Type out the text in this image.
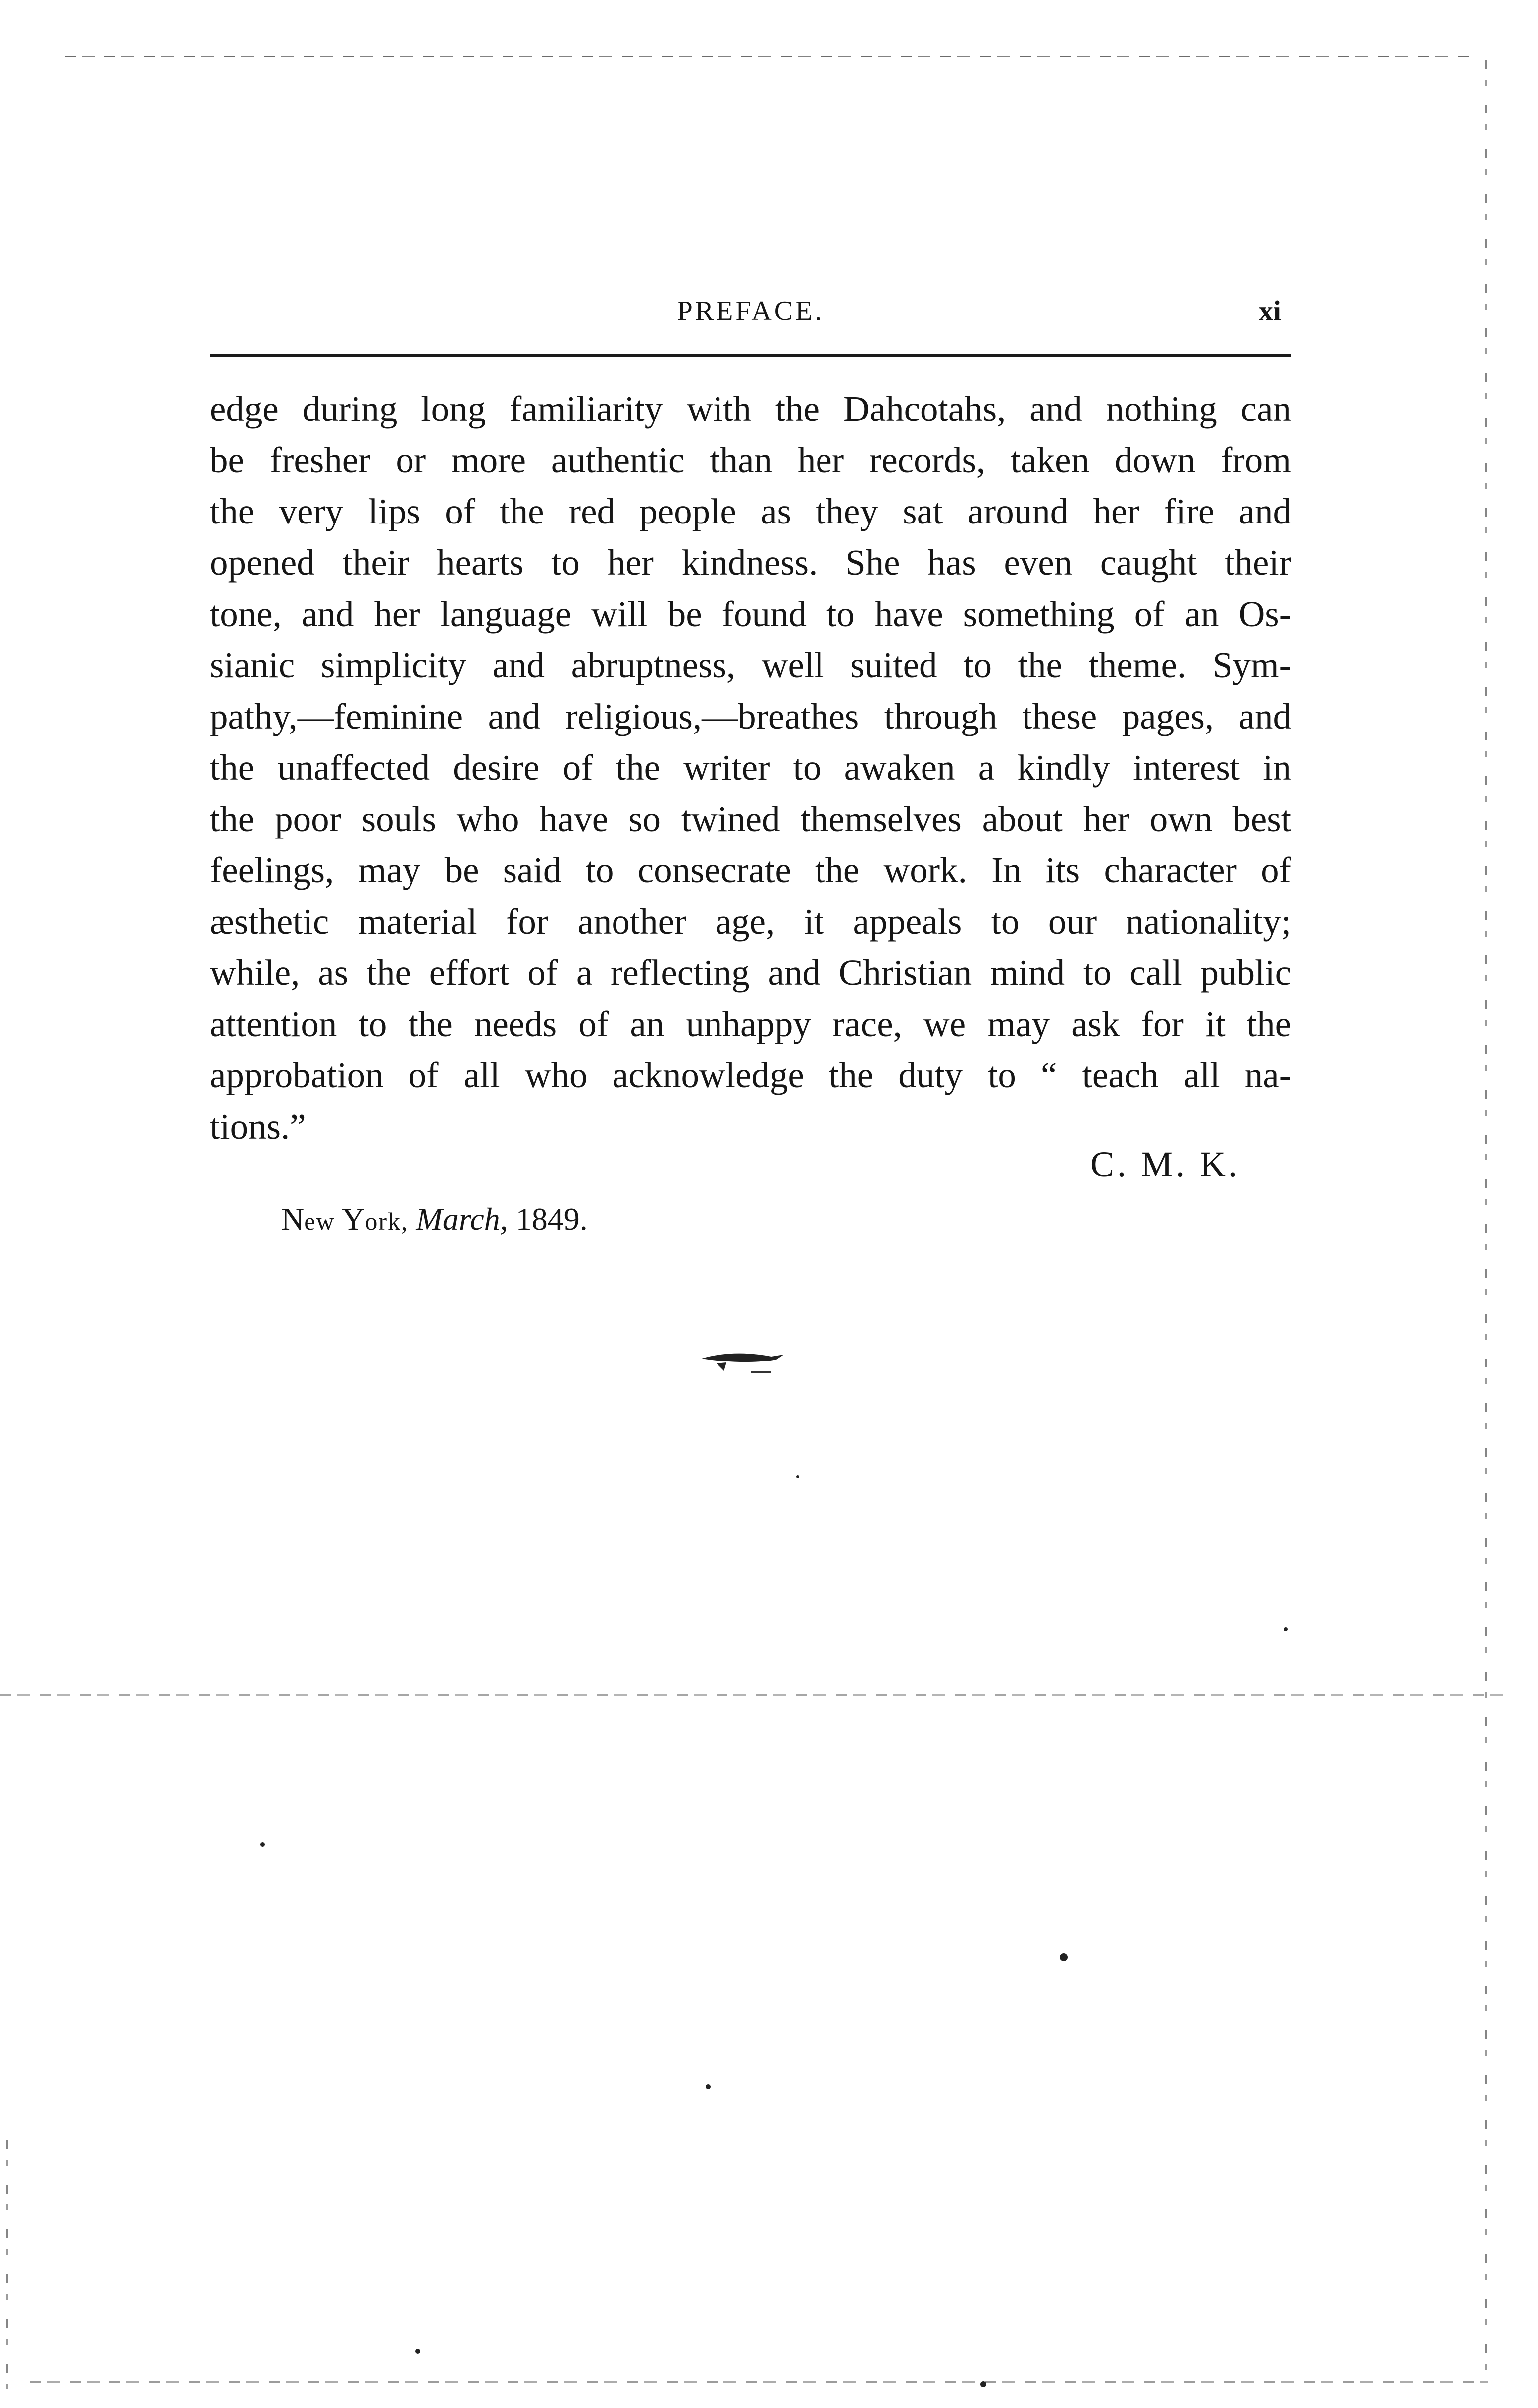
PREFACE.	xi
edge during long familiarity with the Dahcotahs, and nothing can
be fresher or more authentic than her records, taken down from
the very lips of the red people as they sat around her fire and
opened their hearts to her kindness. She has even caught their
tone, and her language will be found to have something of an Os-
sianic simplicity and abruptness, well suited to the theme. Sym-
pathy,—feminine and religious,—breathes through these pages, and
the unaffected desire of the writer to awaken a kindly interest in
the poor souls who have so twined themselves about her own best
feelings, may be said to consecrate the work. In its character of
æsthetic material for another age, it appeals to our nationality;
while, as the effort of a reflecting and Christian mind to call public
attention to the needs of an unhappy race, we may ask for it the
approbation of all who acknowledge the duty to “ teach all na-
tions.”
C. M. K.
New York, March, 1849.
